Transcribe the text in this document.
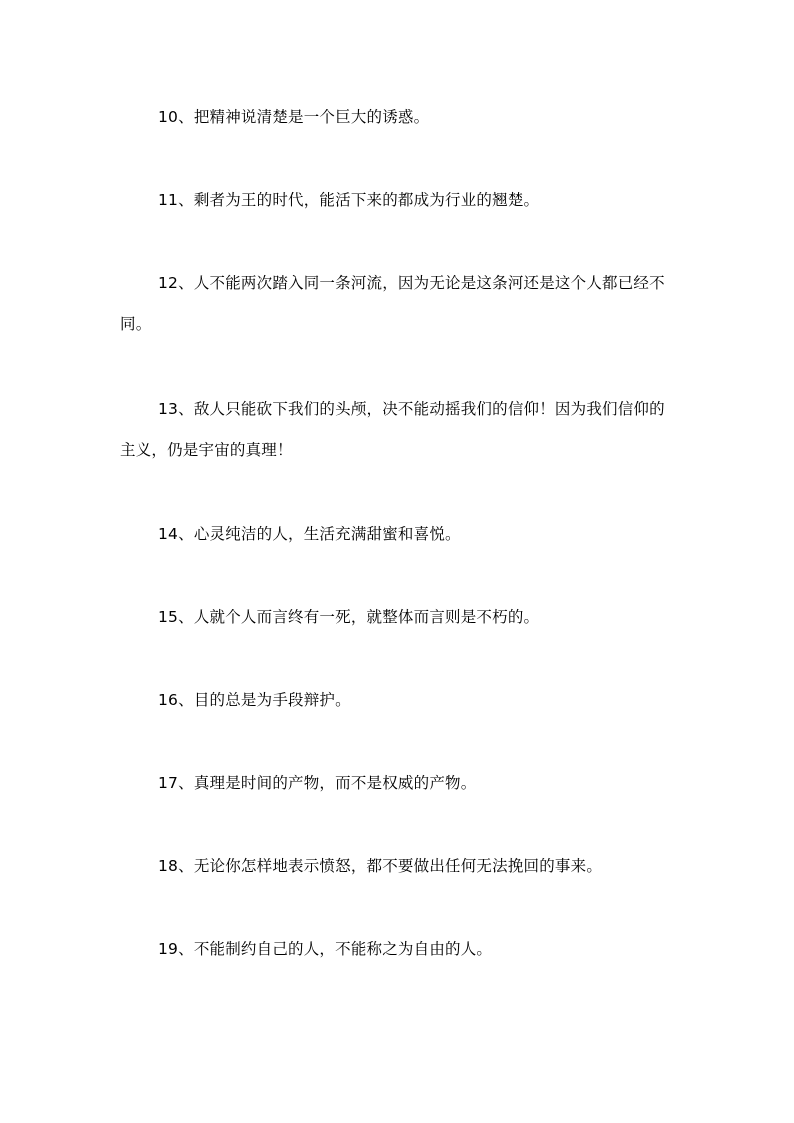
10、把精神说清楚是一个巨大的诱惑。

11、剩者为王的时代，能活下来的都成为行业的翘楚。

12、人不能两次踏入同一条河流，因为无论是这条河还是这个人都已经不同。

13、敌人只能砍下我们的头颅，决不能动摇我们的信仰！因为我们信仰的主义，仍是宇宙的真理！

14、心灵纯洁的人，生活充满甜蜜和喜悦。

15、人就个人而言终有一死，就整体而言则是不朽的。

16、目的总是为手段辩护。

17、真理是时间的产物，而不是权威的产物。

18、无论你怎样地表示愤怒，都不要做出任何无法挽回的事来。

19、不能制约自己的人，不能称之为自由的人。
